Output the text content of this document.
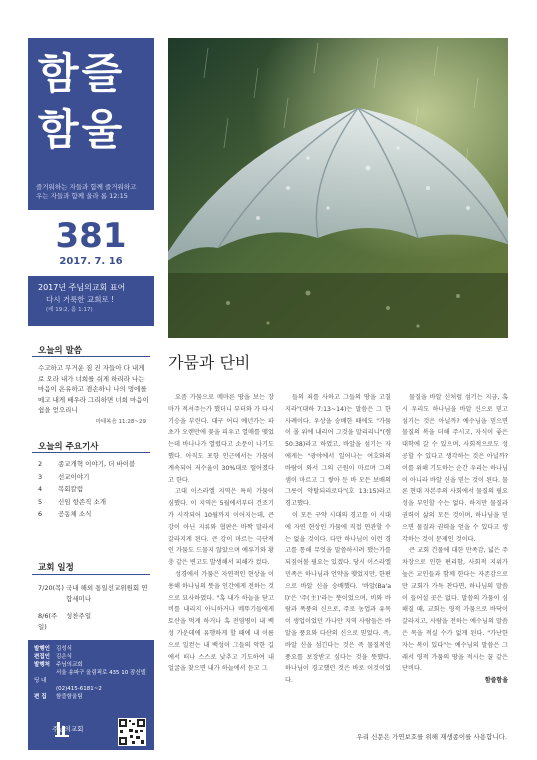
함즐
함울
즐거워하는 자들과 함께 즐거워하고
우는 자들과 함께 울라 롬 12:15
381
2017. 7. 16
2017년 주님의교회 표어
다시 거룩한 교회로 !
(레 19:2, 롬 1:17)
오늘의 말씀
수고하고 무거운 짐 진 자들아 다 내게로 오라 내가 너희를 쉬게 하리라 나는 마음이 온유하고 겸손하니 나의 멍에를 메고 내게 배우라 그리하면 너희 마음이 쉼을 얻으리니
마태복음 11:28~29
오늘의 주요기사
2 종교개혁 이야기, 더 바이블
3 선교이야기
4 목회칼럼
5 신임 항존직 소개
6 공동체 소식
교회 일정
7/20(목) 국내 해외 통일선교위원회 연합세미나
8/6(주일)
성찬주일
발행인 김성식
편집인 김은식
발행처 주님의교회
서울 송파구 올림픽로 435 10 잠신빌딩 내
(02)415-6181~2
편 집 함즐함울팀
주님의교회
가뭄과 단비

요즘 가뭄으로 메마른 땅을 보는 장마가 적셔주는가 했더니 부터와 가 다시 기승을 부린다. 대구 어디 예년가는 파초가 오랜만에 꽃을 피우고 열매를 맺었는데 바나나가 열렸다고 소문이 나기도 했다. 아직도 포항 인근에서는 가뭄이 계속되어 저수율이 30%대로 떨어졌다고 한다.

고대 이스라엘 지역은 특히 가뭄이 심했다. 이 지역은 5월에서부터 건조기가 시작되어 10월까지 이어지는데, 큰 강이 아닌 지류와 협판은 바짝 말라서 갈라지게 된다. 큰 강이 마르는 극단적인 가뭄도 드물지 않았으며 예루기와 황충 같은 변고도 발생해서 피해가 컸다.

성경에서 가뭄은 자연적인 현상을 이용해 하나님의 뜻을 인간에게 전하는 것으로 묘사하였다. "혹 내가 하늘을 닫고 비를 내리지 아니하거나 메뚜기들에게 토산을 먹게 하거나 혹 전염병이 내 백성 가운데에 유행하게 할 때에 내 이름으로 일컫는 내 백성이 그들의 악한 길에서 떠나 스스로 낮추고 기도하여 내 얼굴을 찾으면 내가 하늘에서 듣고 그

들의 죄를 사하고 그들의 땅을 고칠지라"(대하 7:13~14)는 말씀은 그 한 사례이다. 우상을 숭배한 때에도 "가뭄이 몰 위에 내리어 그것을 말리리니"(렘 50:38)라고 하였고, 바알을 섬기는 자에게는 "광야에서 일어나는 여호와의 바람이 와서 그의 근원이 마르며 그의 샘이 마르고 그 쌓아 둔 바 모든 보배의 그릇이 약탈되리로다"(호 13:15)라고 경고했다.

이 모든 구약 시대의 경고를 이 시대에 자연 현상인 가뭄에 직접 연관할 수는 없을 것이다. 다만 하나님이 이런 경고를 통해 무엇을 말씀하시려 했는가를 되짚어볼 필요는 있겠다. 당시 이스라엘 민족은 하나님과 언약을 맺었지만, 한편으로 바알 신을 숭배했다. '바알(Ba'al)'은 '주(主)'라는 뜻이었으며, 비와 바람과 폭풍의 신으로, 주로 농업과 유목이 생업이었던 가나안 지역 사람들은 바알을 풍요와 다산의 신으로 믿었다. 즉, 바알 신을 섬긴다는 것은 즉 물질적인 풍요를 보장받고 싶다는 것을 뜻했다. 하나님이 경고했던 것은 바로 이것이었다.

물질을 바알 신처럼 섬기는 지금, 혹시 우리도 하나님을 바알 신으로 믿고 섬기는 것은 아닐까? 예수님을 믿으면 물질의 복을 더해 주시고, 자식이 좋은 대학에 갈 수 있으며, 사회적으로도 성공할 수 있다고 생각하는 것은 아닐까? 이를 위해 기도하는 순간 우리는 하나님이 아니라 바알 신을 믿는 것이 된다. 물론 현대 자본주의 사회에서 물질의 필요성을 부인할 수는 없다. 하지만 물질과 권력이 삶의 모든 것이며, 하나님을 믿으면 물질과 권력을 얻을 수 있다고 생각하는 것이 문제인 것이다.

큰 교회 건물에 대한 만족감, 넓은 주차장으로 인한 편리함, 사회적 지위가 높은 교인들과 함께 한다는 자존감으로만 교회가 가득 찬다면, 하나님의 말씀이 들어설 곳은 없다. 말씀의 가뭄이 심해질 때, 교회는 영적 가뭄으로 바닥이 갈라지고, 사람을 전하는 예수님의 말씀은 목을 적실 수가 없게 된다. "가난한 자는 복이 있다"는 예수님의 말씀은 그래서 영적 가뭄의 땅을 적시는 꿀 같은 단비다.

함즐함울
우리 신문은 가연보호를 위해 재생종이를 사용합니다.
